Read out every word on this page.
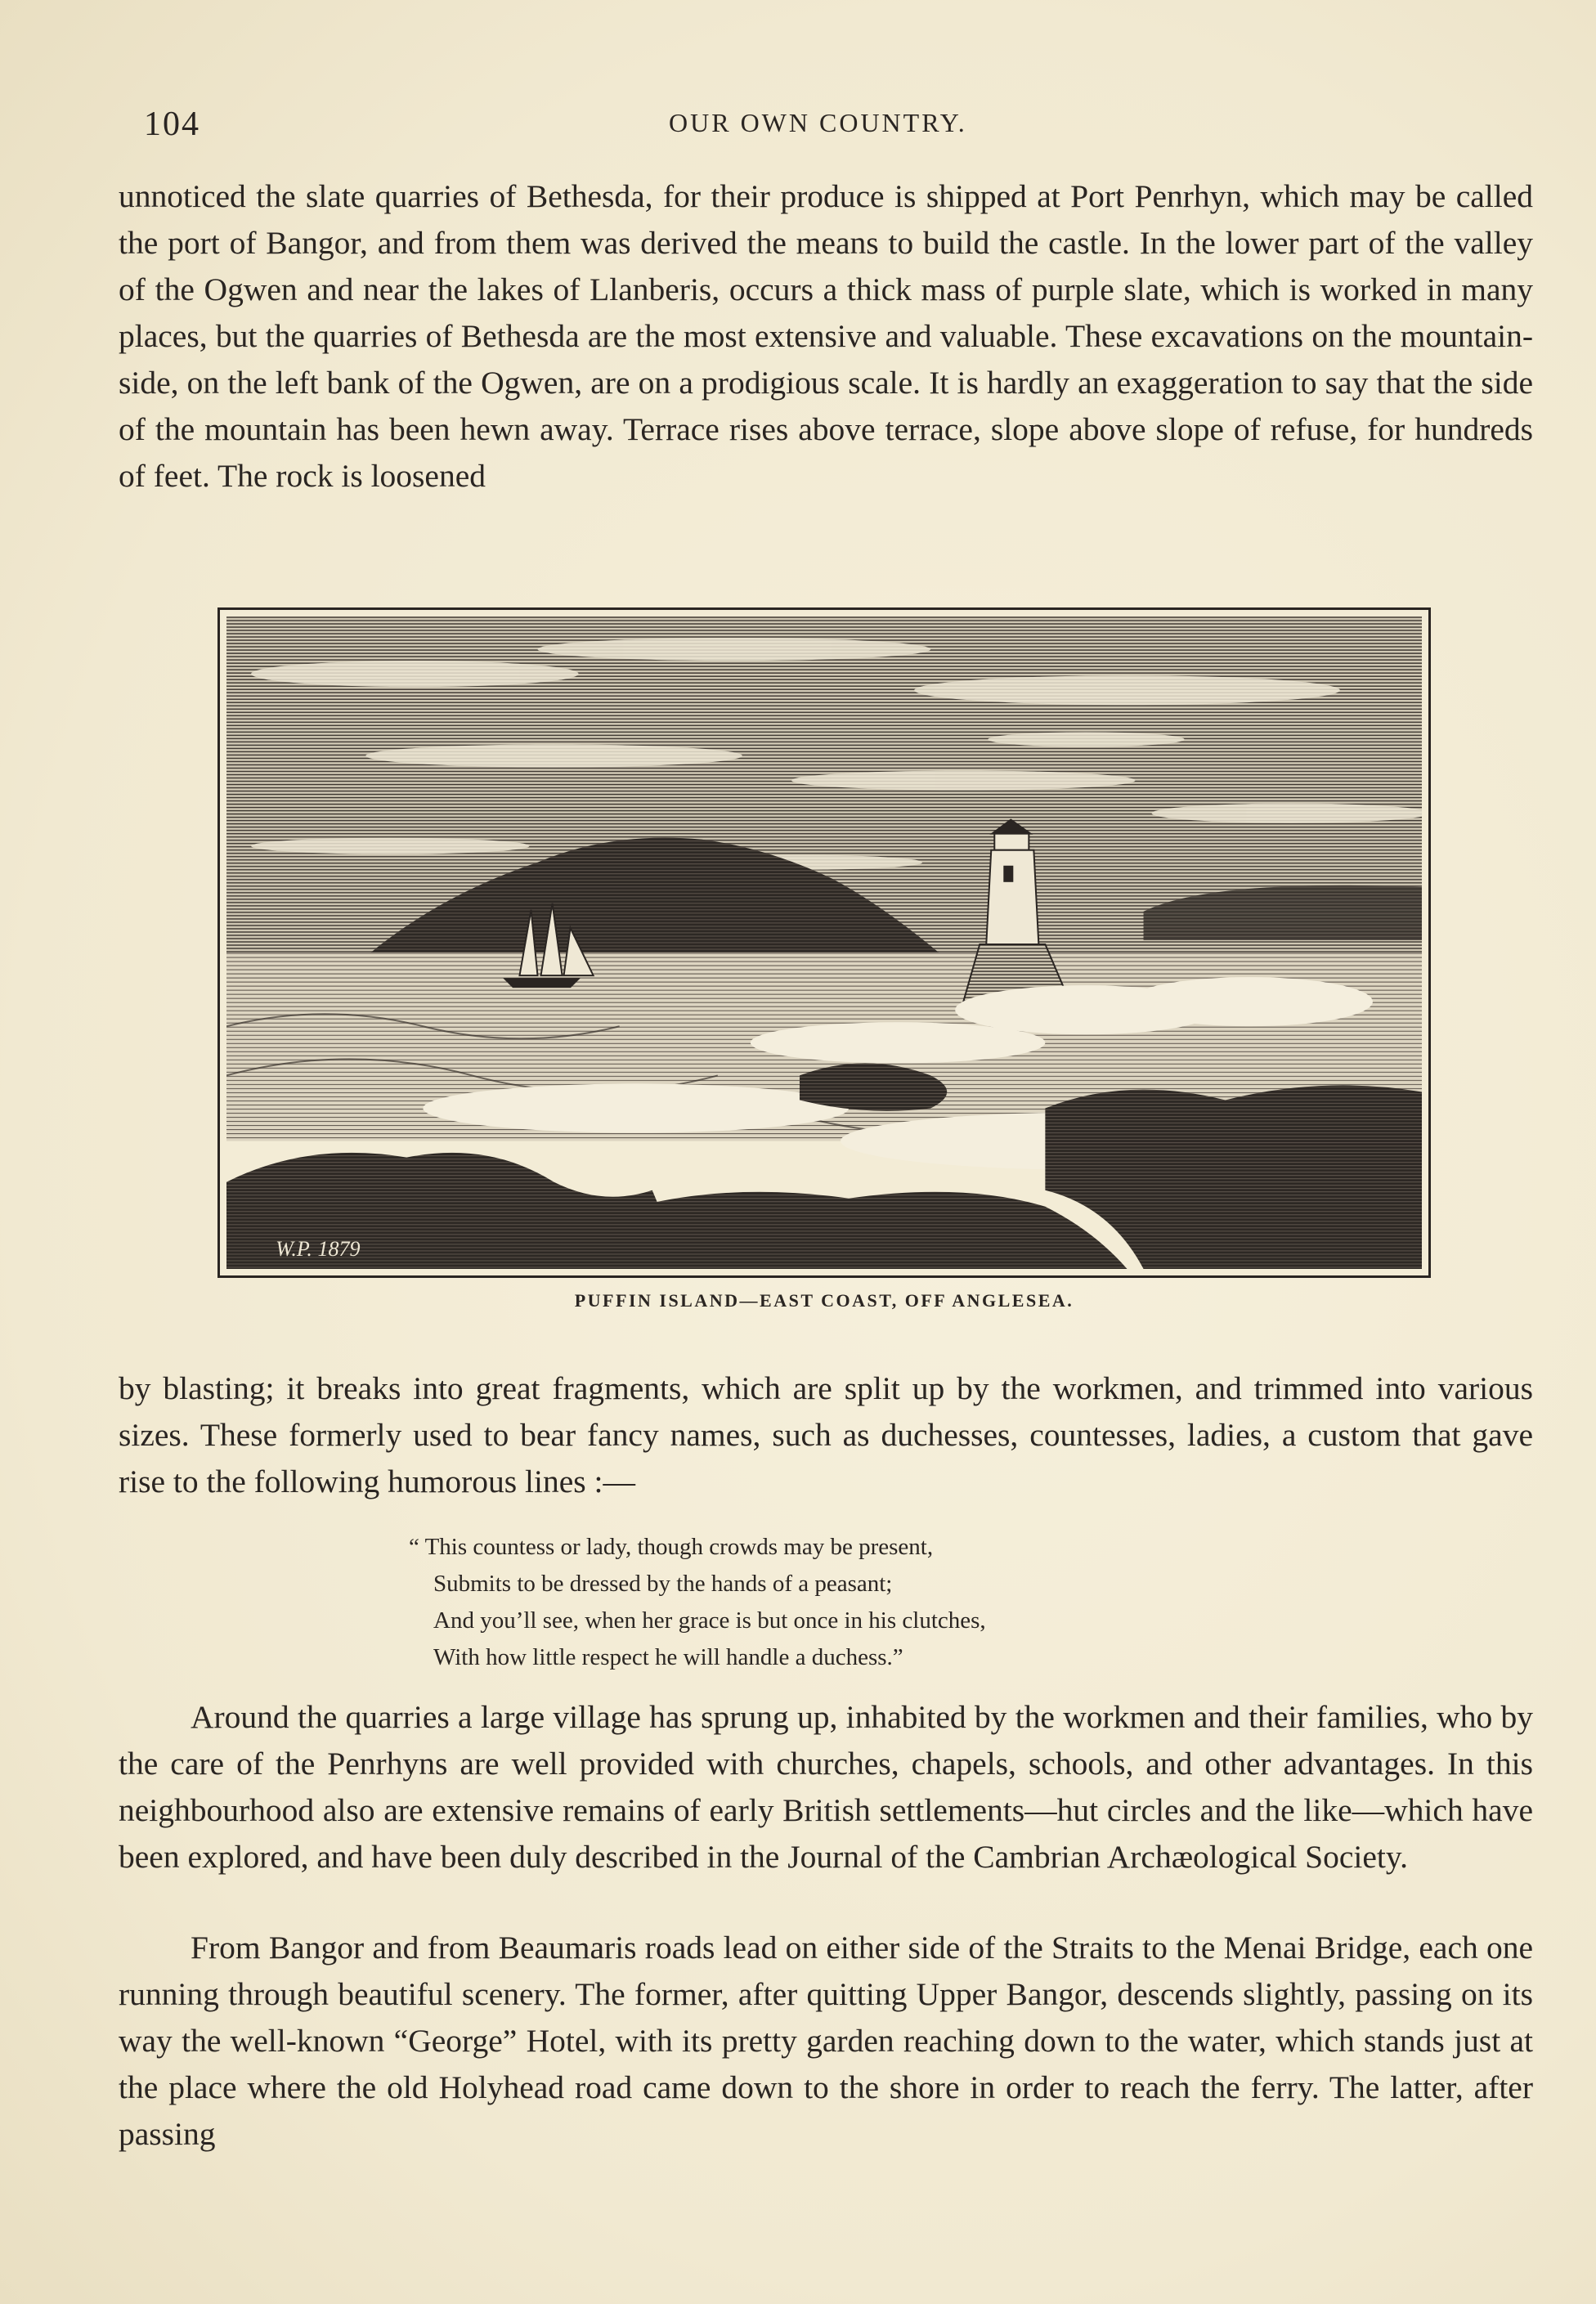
104	OUR OWN COUNTRY.

unnoticed the slate quarries of Bethesda, for their produce is shipped at Port Penrhyn, which may be called the port of Bangor, and from them was derived the means to build the castle. In the lower part of the valley of the Ogwen and near the lakes of Llanberis, occurs a thick mass of purple slate, which is worked in many places, but the quarries of Bethesda are the most extensive and valuable. These excavations on the mountain-side, on the left bank of the Ogwen, are on a prodigious scale. It is hardly an exaggeration to say that the side of the mountain has been hewn away. Terrace rises above terrace, slope above slope of refuse, for hundreds of feet. The rock is loosened

W.P. 1879
PUFFIN ISLAND—EAST COAST, OFF ANGLESEA.

by blasting; it breaks into great fragments, which are split up by the workmen, and trimmed into various sizes. These formerly used to bear fancy names, such as duchesses, countesses, ladies, a custom that gave rise to the following humorous lines :—

“ This countess or lady, though crowds may be present,
Submits to be dressed by the hands of a peasant;
And you’ll see, when her grace is but once in his clutches,
With how little respect he will handle a duchess.”

Around the quarries a large village has sprung up, inhabited by the workmen and their families, who by the care of the Penrhyns are well provided with churches, chapels, schools, and other advantages. In this neighbourhood also are extensive remains of early British settlements—hut circles and the like—which have been explored, and have been duly described in the Journal of the Cambrian Archæological Society.

From Bangor and from Beaumaris roads lead on either side of the Straits to the Menai Bridge, each one running through beautiful scenery. The former, after quitting Upper Bangor, descends slightly, passing on its way the well-known “George” Hotel, with its pretty garden reaching down to the water, which stands just at the place where the old Holyhead road came down to the shore in order to reach the ferry. The latter, after passing
